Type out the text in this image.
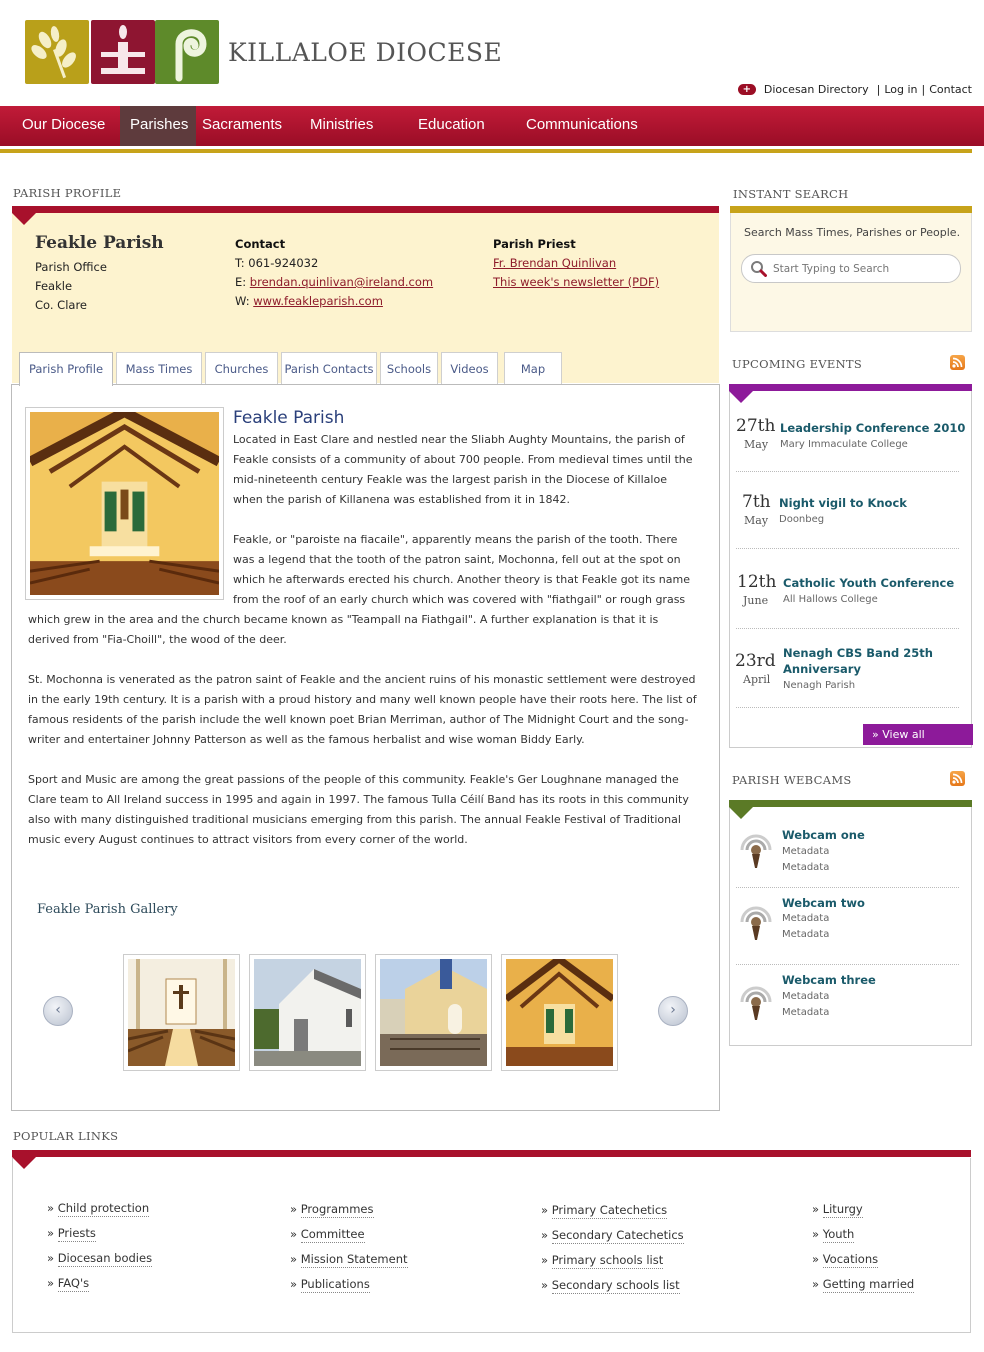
KILLALOE DIOCESE
+	Diocesan Directory | Log in | Contact
Our Diocese	Parishes Sacraments Ministries	Education	Communications
PARISH PROFILE
Feakle Parish
Parish Office
Feakle
Co. Clare
Contact
T: 061-924032
E: brendan.quinlivan@ireland.com
W: www.feakleparish.com
Parish Priest
Fr. Brendan Quinlivan
This week's newsletter (PDF)
Parish Profile	Mass Times	Churches	Parish Contacts	Schools	Videos	Map
Feakle Parish
Located in East Clare and nestled near the Sliabh Aughty Mountains, the parish of
Feakle consists of a community of about 700 people. From medieval times until the
mid-nineteenth century Feakle was the largest parish in the Diocese of Killaloe
when the parish of Killanena was established from it in 1842.
Feakle, or "paroiste na fiacaile", apparently means the parish of the tooth. There
was a legend that the tooth of the patron saint, Mochonna, fell out at the spot on
which he afterwards erected his church. Another theory is that Feakle got its name
from the roof of an early church which was covered with "fiathgail" or rough grass
which grew in the area and the church became known as "Teampall na Fiathgail". A further explanation is that it is
derived from "Fia-Choill", the wood of the deer.
St. Mochonna is venerated as the patron saint of Feakle and the ancient ruins of his monastic settlement were destroyed
in the early 19th century. It is a parish with a proud history and many well known people have their roots here. The list of
famous residents of the parish include the well known poet Brian Merriman, author of The Midnight Court and the song-
writer and entertainer Johnny Patterson as well as the famous herbalist and wise woman Biddy Early.
Sport and Music are among the great passions of the people of this community. Feakle's Ger Loughnane managed the
Clare team to All Ireland success in 1995 and again in 1997. The famous Tulla Céilí Band has its roots in this community
also with many distinguished traditional musicians emerging from this parish. The annual Feakle Festival of Traditional
music every August continues to attract visitors from every corner of the world.
Feakle Parish Gallery
‹	›
INSTANT SEARCH
Search Mass Times, Parishes or People.
Start Typing to Search
UPCOMING EVENTS
27th
May
Leadership Conference 2010
Mary Immaculate College
7th
May
Night vigil to Knock
Doonbeg
12th
June
Catholic Youth Conference
All Hallows College
23rd
April
Nenagh CBS Band 25th
Anniversary
Nenagh Parish
» View all
PARISH WEBCAMS
Webcam one
Metadata
Metadata
Webcam two
Metadata
Metadata
Webcam three
Metadata
Metadata
POPULAR LINKS
» Child protection
» Priests
» Diocesan bodies
» FAQ's
» Programmes
» Committee
» Mission Statement
» Publications
» Primary Catechetics
» Secondary Catechetics
» Primary schools list
» Secondary schools list
» Liturgy
» Youth
» Vocations
» Getting married
